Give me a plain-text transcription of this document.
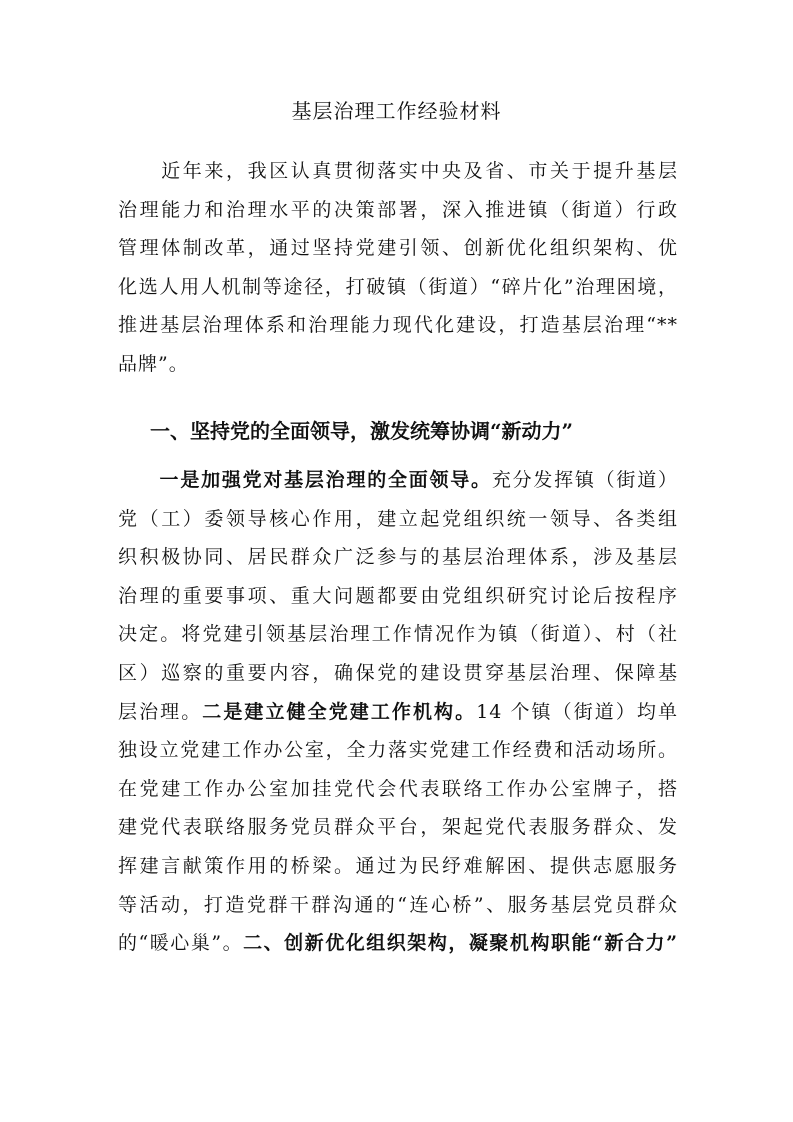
基层治理工作经验材料
　　近年来，我区认真贯彻落实中央及省、市关于提升基层
治理能力和治理水平的决策部署，深入推进镇（街道）行政
管理体制改革，通过坚持党建引领、创新优化组织架构、优
化选人用人机制等途径，打破镇（街道）“碎片化”治理困境，
推进基层治理体系和治理能力现代化建设，打造基层治理“**
品牌”。
一、坚持党的全面领导，激发统筹协调“新动力”
　　一是加强党对基层治理的全面领导。充分发挥镇（街道）
党（工）委领导核心作用，建立起党组织统一领导、各类组
织积极协同、居民群众广泛参与的基层治理体系，涉及基层
治理的重要事项、重大问题都要由党组织研究讨论后按程序
决定。将党建引领基层治理工作情况作为镇（街道）、村（社
区）巡察的重要内容，确保党的建设贯穿基层治理、保障基
层治理。二是建立健全党建工作机构。14 个镇（街道）均单
独设立党建工作办公室，全力落实党建工作经费和活动场所。
在党建工作办公室加挂党代会代表联络工作办公室牌子，搭
建党代表联络服务党员群众平台，架起党代表服务群众、发
挥建言献策作用的桥梁。通过为民纾难解困、提供志愿服务
等活动，打造党群干群沟通的“连心桥”、服务基层党员群众
的“暖心巢”。二、创新优化组织架构，凝聚机构职能“新合力”
